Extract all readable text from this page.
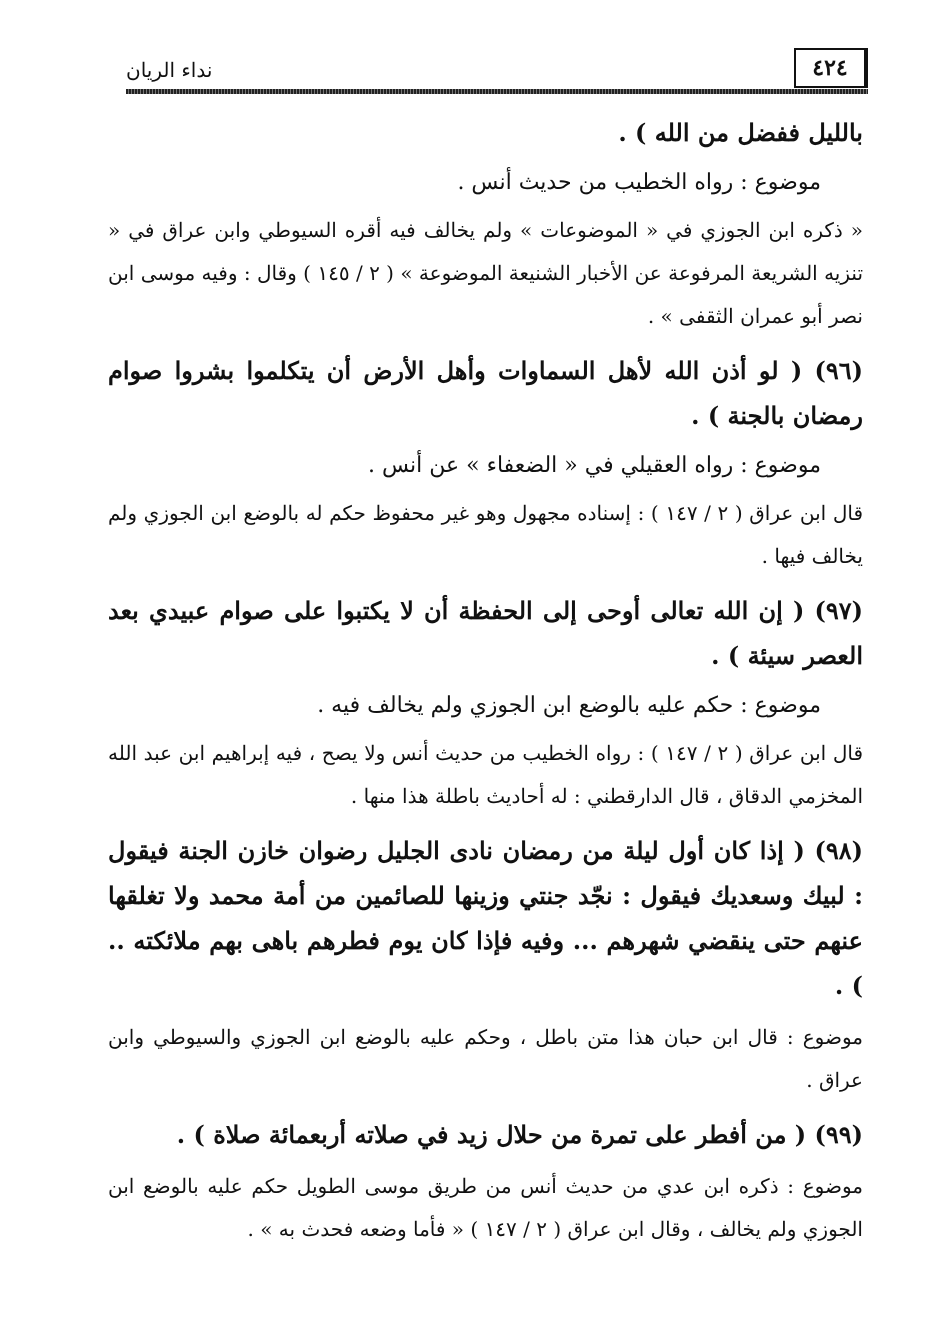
٤٢٤
نداء الريان

بالليل ففضل من الله ) .

موضوع : رواه الخطيب من حديث أنس .

« ذكره ابن الجوزي في « الموضوعات » ولم يخالف فيه أقره السيوطي وابن عراق في « تنزيه الشريعة المرفوعة عن الأخبار الشنيعة الموضوعة » ( ٢ / ١٤٥ ) وقال : وفيه موسى ابن نصر أبو عمران الثقفى » .

(٩٦) ( لو أذن الله لأهل السماوات وأهل الأرض أن يتكلموا بشروا صوام رمضان بالجنة ) .

موضوع : رواه العقيلي في « الضعفاء » عن أنس .

قال ابن عراق ( ٢ / ١٤٧ ) : إسناده مجهول وهو غير محفوظ حكم له بالوضع ابن الجوزي ولم يخالف فيها .

(٩٧) ( إن الله تعالى أوحى إلى الحفظة أن لا يكتبوا على صوام عبيدي بعد العصر سيئة ) .

موضوع : حكم عليه بالوضع ابن الجوزي ولم يخالف فيه .

قال ابن عراق ( ٢ / ١٤٧ ) : رواه الخطيب من حديث أنس ولا يصح ، فيه إبراهيم ابن عبد الله المخزمي الدقاق ، قال الدارقطني : له أحاديث باطلة هذا منها .

(٩٨) ( إذا كان أول ليلة من رمضان نادى الجليل رضوان خازن الجنة فيقول : لبيك وسعديك فيقول : نجّد جنتي وزينها للصائمين من أمة محمد ولا تغلقها عنهم حتى ينقضي شهرهم ... وفيه فإذا كان يوم فطرهم باهى بهم ملائكته .. ) .

موضوع : قال ابن حبان هذا متن باطل ، وحكم عليه بالوضع ابن الجوزي والسيوطي وابن عراق .

(٩٩) ( من أفطر على تمرة من حلال زيد في صلاته أربعمائة صلاة ) .

موضوع : ذكره ابن عدي من حديث أنس من طريق موسى الطويل حكم عليه بالوضع ابن الجوزي ولم يخالف ، وقال ابن عراق ( ٢ / ١٤٧ ) « فأما وضعه فحدث به » .
